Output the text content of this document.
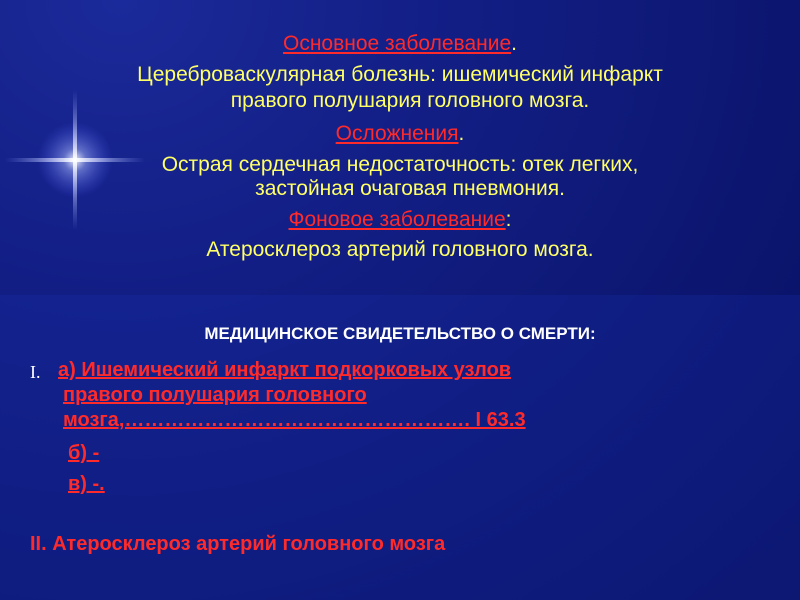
Основное заболевание.
Цереброваскулярная болезнь: ишемический инфаркт
правого полушария головного мозга.
Осложнения.
Острая сердечная недостаточность: отек легких,
застойная очаговая пневмония.
Фоновое заболевание:
Атеросклероз артерий головного мозга.
МЕДИЦИНСКОЕ СВИДЕТЕЛЬСТВО О СМЕРТИ:
I. а) Ишемический инфаркт подкорковых узлов
правого полушария головного
мозга,……………………………………………. I 63.3
б) -
в) -.
II. Атеросклероз артерий головного мозга
